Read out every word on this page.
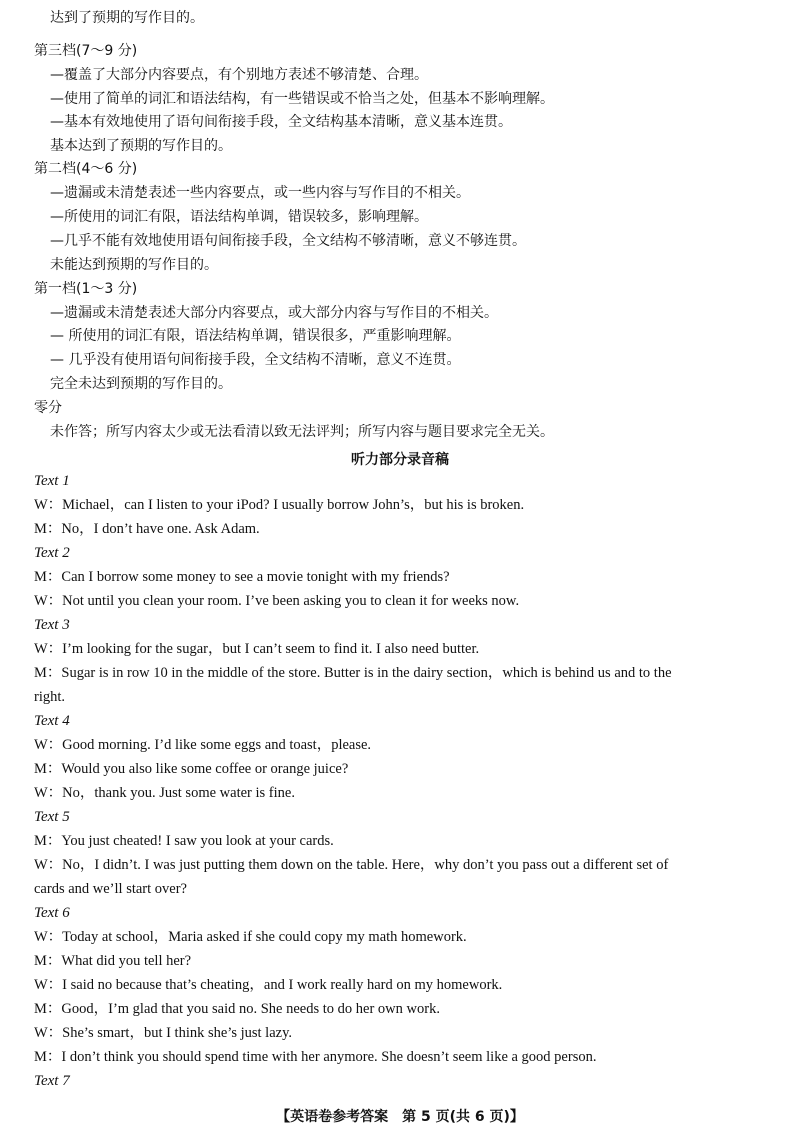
达到了预期的写作目的。
第三档(7～9 分)
—覆盖了大部分内容要点，有个别地方表述不够清楚、合理。
—使用了简单的词汇和语法结构，有一些错误或不恰当之处，但基本不影响理解。
—基本有效地使用了语句间衔接手段，全文结构基本清晰，意义基本连贯。
基本达到了预期的写作目的。
第二档(4～6 分)
—遗漏或未清楚表述一些内容要点，或一些内容与写作目的不相关。
—所使用的词汇有限，语法结构单调，错误较多，影响理解。
—几乎不能有效地使用语句间衔接手段，全文结构不够清晰，意义不够连贯。
未能达到预期的写作目的。
第一档(1～3 分)
—遗漏或未清楚表述大部分内容要点，或大部分内容与写作目的不相关。
— 所使用的词汇有限，语法结构单调，错误很多，严重影响理解。
— 几乎没有使用语句间衔接手段，全文结构不清晰，意义不连贯。
完全未达到预期的写作目的。
零分
未作答；所写内容太少或无法看清以致无法评判；所写内容与题目要求完全无关。
听力部分录音稿
Text 1
W：Michael，can I listen to your iPod? I usually borrow John’s，but his is broken.
M：No，I don’t have one. Ask Adam.
Text 2
M：Can I borrow some money to see a movie tonight with my friends?
W：Not until you clean your room. I’ve been asking you to clean it for weeks now.
Text 3
W：I’m looking for the sugar，but I can’t seem to find it. I also need butter.
M：Sugar is in row 10 in the middle of the store. Butter is in the dairy section，which is behind us and to the
right.
Text 4
W：Good morning. I’d like some eggs and toast，please.
M：Would you also like some coffee or orange juice?
W：No，thank you. Just some water is fine.
Text 5
M：You just cheated! I saw you look at your cards.
W：No，I didn’t. I was just putting them down on the table. Here，why don’t you pass out a different set of
cards and we’ll start over?
Text 6
W：Today at school，Maria asked if she could copy my math homework.
M：What did you tell her?
W：I said no because that’s cheating，and I work really hard on my homework.
M：Good，I’m glad that you said no. She needs to do her own work.
W：She’s smart，but I think she’s just lazy.
M：I don’t think you should spend time with her anymore. She doesn’t seem like a good person.
Text 7
【英语卷参考答案　第 5 页(共 6 页)】
